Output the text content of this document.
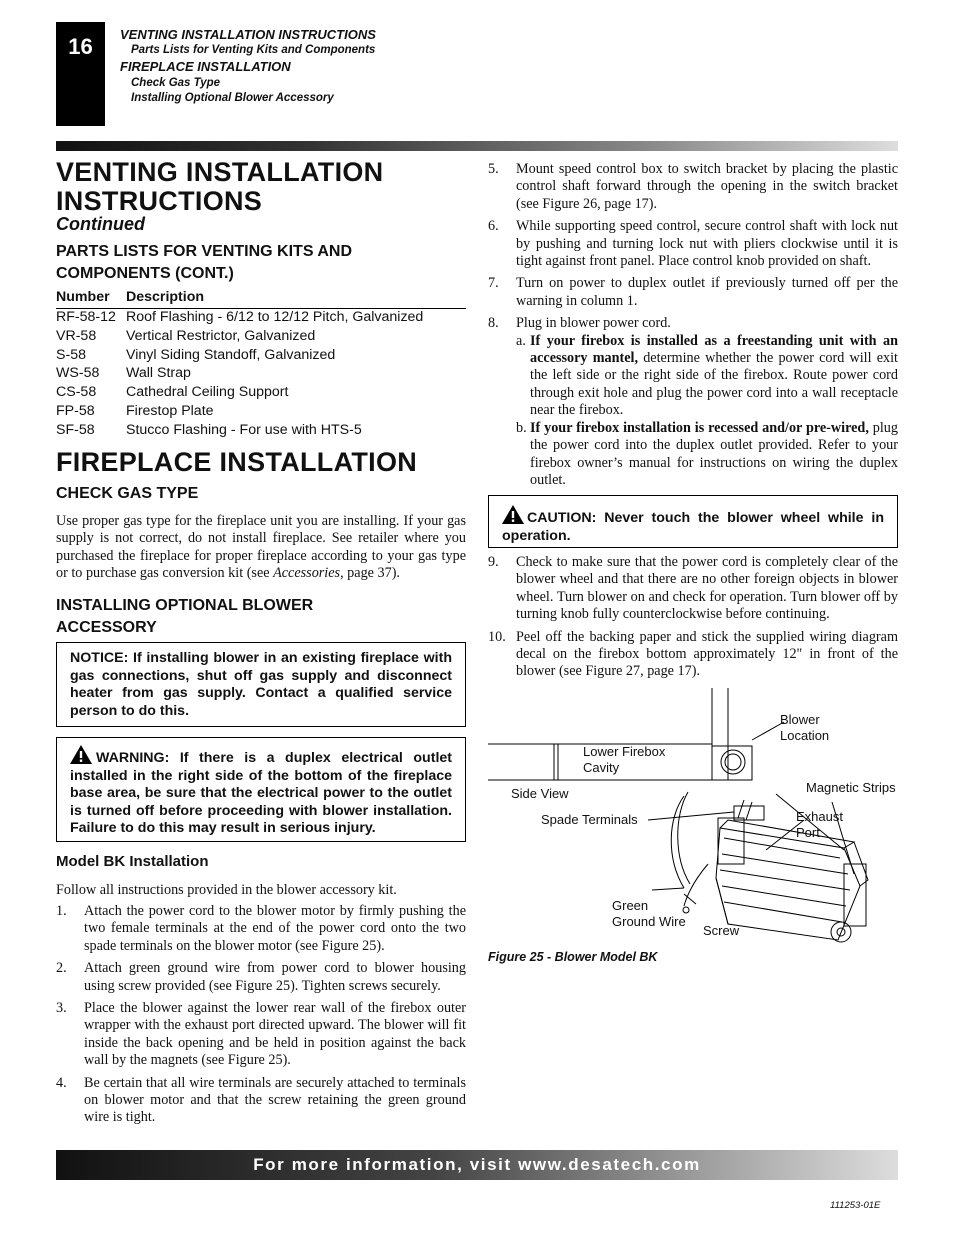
16	VENTING INSTALLATION INSTRUCTIONS
Parts Lists for Venting Kits and Components
FIREPLACE INSTALLATION
Check Gas Type
Installing Optional Blower Accessory
VENTING INSTALLATION
INSTRUCTIONS
Continued
PARTS LISTS FOR VENTING KITS AND
COMPONENTS (CONT.)
Number	Description
RF-58-12	Roof Flashing - 6/12 to 12/12 Pitch, Galvanized
VR-58	Vertical Restrictor, Galvanized
S-58	Vinyl Siding Standoff, Galvanized
WS-58	Wall Strap
CS-58	Cathedral Ceiling Support
FP-58	Firestop Plate
SF-58	Stucco Flashing - For use with HTS-5
FIREPLACE INSTALLATION
CHECK GAS TYPE
Use proper gas type for the fireplace unit you are installing. If your gas supply is not correct, do not install fireplace. See retailer where you purchased the fireplace for proper fireplace according to your gas type or to purchase gas conversion kit (see Accessories, page 37).
INSTALLING OPTIONAL BLOWER
ACCESSORY
NOTICE: If installing blower in an existing fireplace with gas connections, shut off gas supply and disconnect heater from gas supply. Contact a qualified service person to do this.
WARNING: If there is a duplex electrical outlet installed in the right side of the bottom of the fireplace base area, be sure that the electrical power to the outlet is turned off before proceeding with blower installation. Failure to do this may result in serious injury.
Model BK Installation
Follow all instructions provided in the blower accessory kit.
1. Attach the power cord to the blower motor by firmly pushing the two female terminals at the end of the power cord onto the two spade terminals on the blower motor (see Figure 25).
2. Attach green ground wire from power cord to blower housing using screw provided (see Figure 25). Tighten screws securely.
3. Place the blower against the lower rear wall of the firebox outer wrapper with the exhaust port directed upward. The blower will fit inside the back opening and be held in position against the back wall by the magnets (see Figure 25).
4. Be certain that all wire terminals are securely attached to terminals on blower motor and that the screw retaining the green ground wire is tight.
5. Mount speed control box to switch bracket by placing the plastic control shaft forward through the opening in the switch bracket (see Figure 26, page 17).
6. While supporting speed control, secure control shaft with lock nut by pushing and turning lock nut with pliers clockwise until it is tight against front panel. Place control knob provided on shaft.
7. Turn on power to duplex outlet if previously turned off per the warning in column 1.
8. Plug in blower power cord.
a. If your firebox is installed as a freestanding unit with an accessory mantel, determine whether the power cord will exit the left side or the right side of the firebox. Route power cord through exit hole and plug the power cord into a wall receptacle near the firebox.
b. If your firebox installation is recessed and/or pre-wired, plug the power cord into the duplex outlet provided. Refer to your firebox owner’s manual for instructions on wiring the duplex outlet.
CAUTION: Never touch the blower wheel while in operation.
9. Check to make sure that the power cord is completely clear of the blower wheel and that there are no other foreign objects in blower wheel. Turn blower on and check for operation. Turn blower off by turning knob fully counterclockwise before continuing.
10. Peel off the backing paper and stick the supplied wiring diagram decal on the firebox bottom approximately 12" in front of the blower (see Figure 27, page 17).
Blower
Location
Lower Firebox
Cavity
Side View	Magnetic Strips
Exhaust
Port
Spade Terminals
Green
Ground Wire
Screw
Figure 25 - Blower Model BK
For more information, visit www.desatech.com
111253-01E
